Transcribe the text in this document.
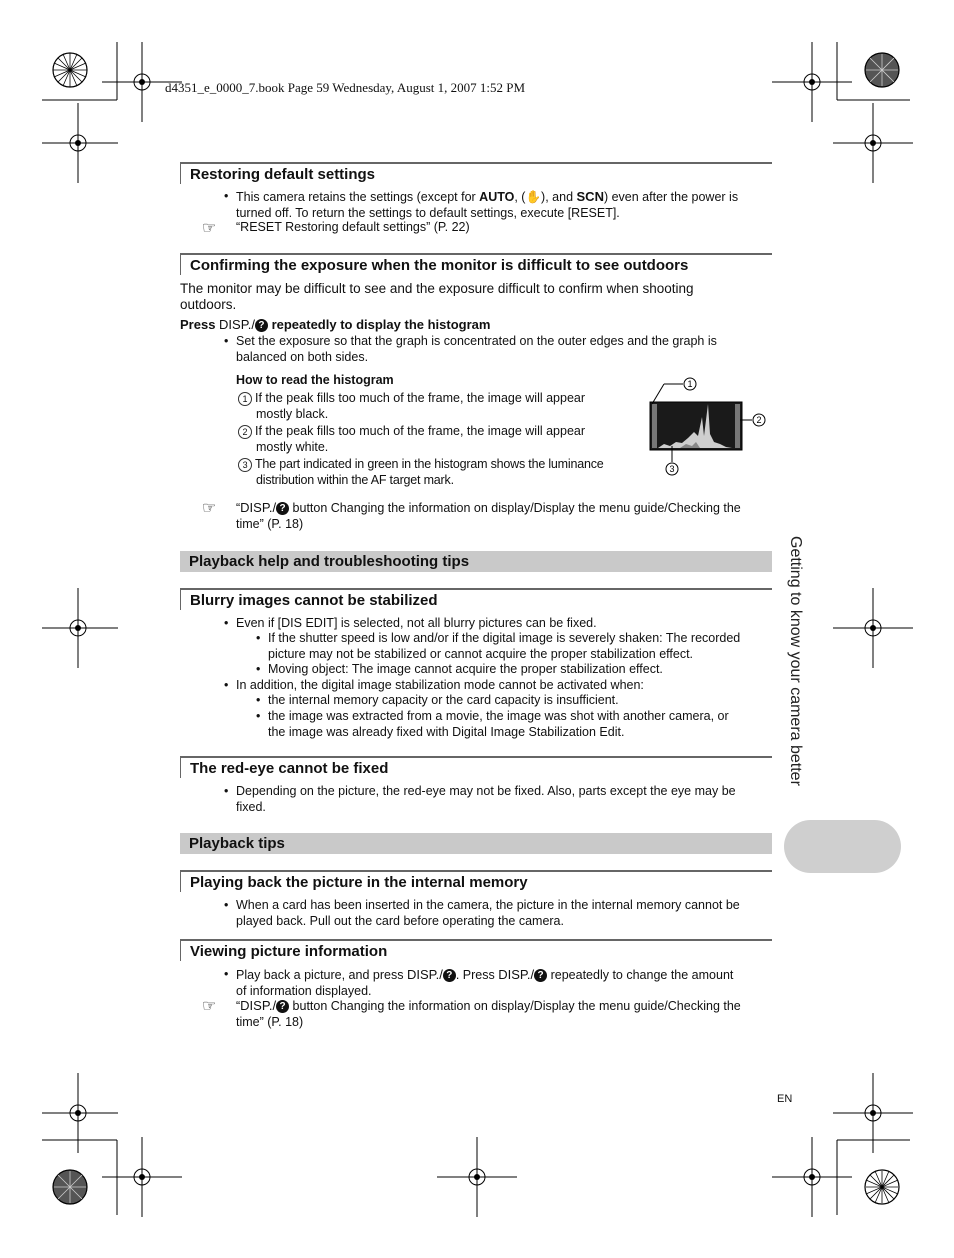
d4351_e_0000_7.book Page 59 Wednesday, August 1, 2007 1:52 PM
Restoring default settings
• This camera retains the settings (except for AUTO, (✋), and SCN) even after the power is
turned off. To return the settings to default settings, execute [RESET].
☞ “RESET Restoring default settings” (P. 22)
Confirming the exposure when the monitor is difficult to see outdoors
The monitor may be difficult to see and the exposure difficult to confirm when shooting
outdoors.
Press DISP./ ? repeatedly to display the histogram
• Set the exposure so that the graph is concentrated on the outer edges and the graph is
balanced on both sides.
How to read the histogram
1 If the peak fills too much of the frame, the image will appear
mostly black.
2 If the peak fills too much of the frame, the image will appear
mostly white.
3 The part indicated in green in the histogram shows the luminance
distribution within the AF target mark.
1
2
3
☞ “DISP./ ? button Changing the information on display/Display the menu guide/Checking the
time” (P. 18)
Playback help and troubleshooting tips
Blurry images cannot be stabilized
• Even if [DIS EDIT] is selected, not all blurry pictures can be fixed.
• If the shutter speed is low and/or if the digital image is severely shaken: The recorded
picture may not be stabilized or cannot acquire the proper stabilization effect.
• Moving object: The image cannot acquire the proper stabilization effect.
• In addition, the digital image stabilization mode cannot be activated when:
• the internal memory capacity or the card capacity is insufficient.
• the image was extracted from a movie, the image was shot with another camera, or
the image was already fixed with Digital Image Stabilization Edit.
The red-eye cannot be fixed
• Depending on the picture, the red-eye may not be fixed. Also, parts except the eye may be
fixed.
Playback tips
Playing back the picture in the internal memory
• When a card has been inserted in the camera, the picture in the internal memory cannot be
played back. Pull out the card before operating the camera.
Viewing picture information
• Play back a picture, and press DISP./ ? . Press DISP./ ? repeatedly to change the amount
of information displayed.
☞ “DISP./ ? button Changing the information on display/Display the menu guide/Checking the
time” (P. 18)
Getting to know your camera better
EN
